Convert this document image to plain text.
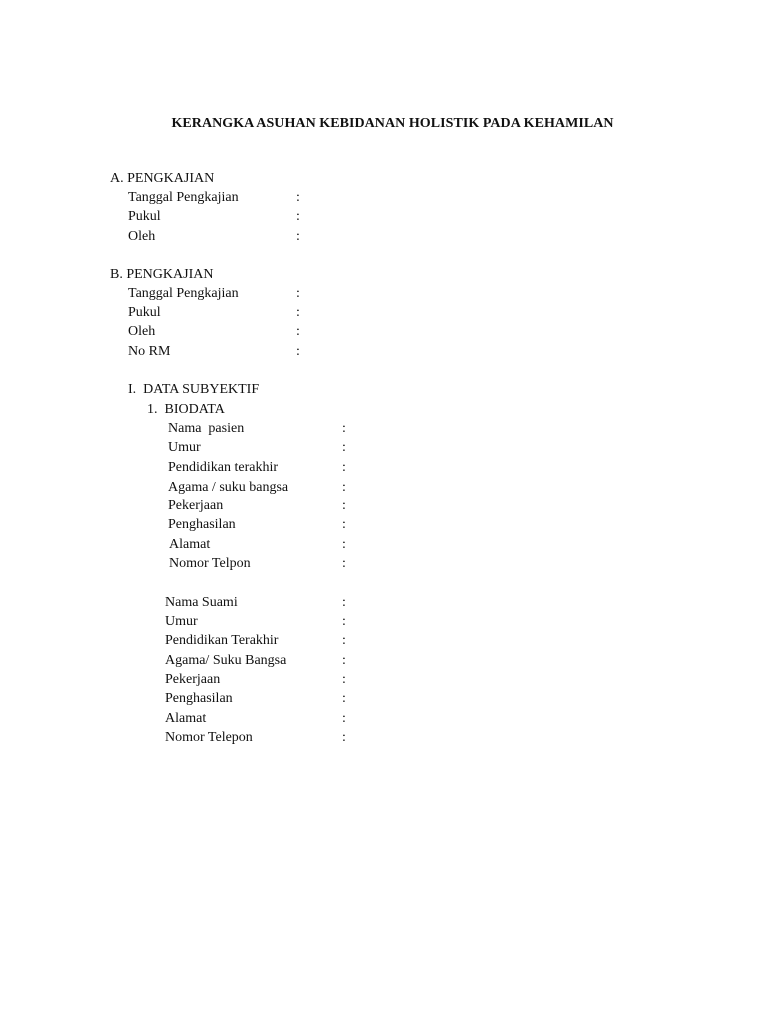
KERANGKA ASUHAN KEBIDANAN HOLISTIK PADA KEHAMILAN
A. PENGKAJIAN
Tanggal Pengkajian	:
Pukul	:
Oleh	:
B. PENGKAJIAN
Tanggal Pengkajian	:
Pukul	:
Oleh	:
No RM	:
I.  DATA SUBYEKTIF
1.  BIODATA
Nama  pasien	:
Umur	:
Pendidikan terakhir	:
Agama / suku bangsa	:
Pekerjaan	:
Penghasilan	:
Alamat	:
Nomor Telpon	:
Nama Suami	:
Umur	:
Pendidikan Terakhir	:
Agama/ Suku Bangsa	:
Pekerjaan	:
Penghasilan	:
Alamat	:
Nomor Telepon	:
